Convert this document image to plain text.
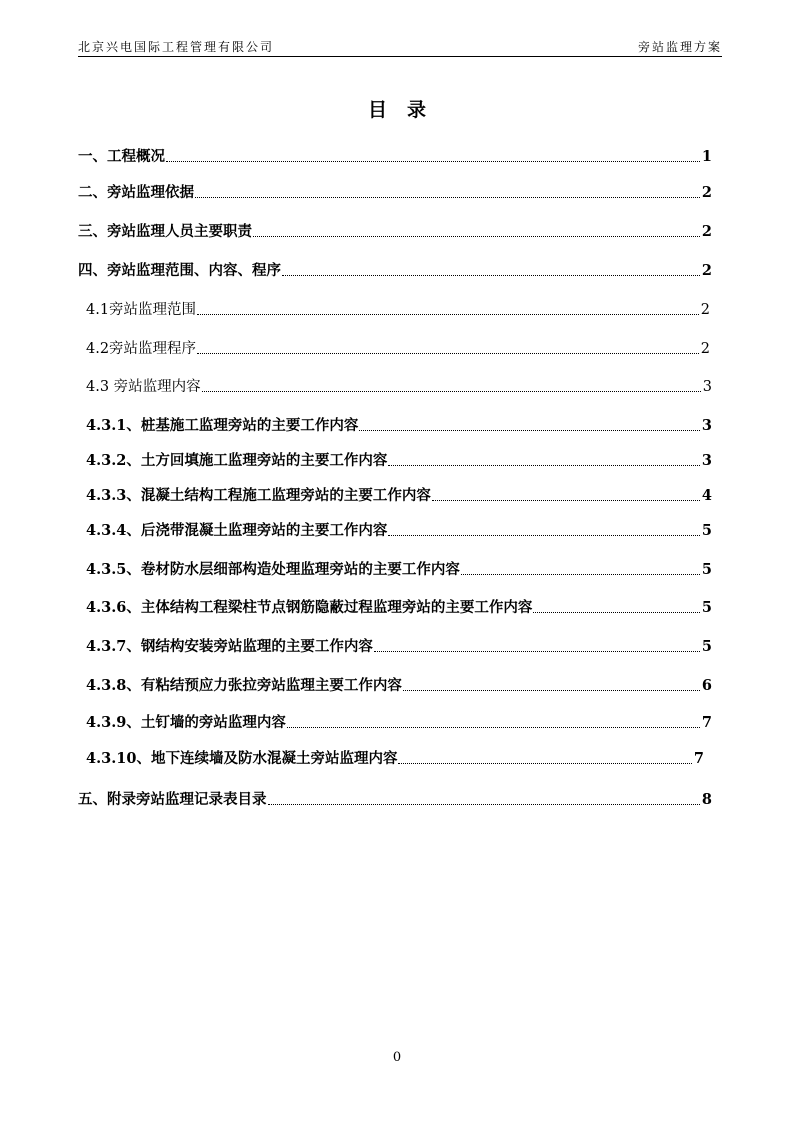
北京兴电国际工程管理有限公司	旁站监理方案
目录
一、工程概况	1
二、旁站监理依据	2
三、旁站监理人员主要职责	2
四、旁站监理范围、内容、程序	2
4.1旁站监理范围	2
4.2旁站监理程序	2
4.3 旁站监理内容	3
4.3.1、桩基施工监理旁站的主要工作内容	3
4.3.2、土方回填施工监理旁站的主要工作内容	3
4.3.3、混凝土结构工程施工监理旁站的主要工作内容	4
4.3.4、后浇带混凝土监理旁站的主要工作内容	5
4.3.5、卷材防水层细部构造处理监理旁站的主要工作内容	5
4.3.6、主体结构工程梁柱节点钢筋隐蔽过程监理旁站的主要工作内容	5
4.3.7、钢结构安装旁站监理的主要工作内容	5
4.3.8、有粘结预应力张拉旁站监理主要工作内容	6
4.3.9、土钉墙的旁站监理内容	7
4.3.10、地下连续墙及防水混凝土旁站监理内容	7
五、附录旁站监理记录表目录	8
0
